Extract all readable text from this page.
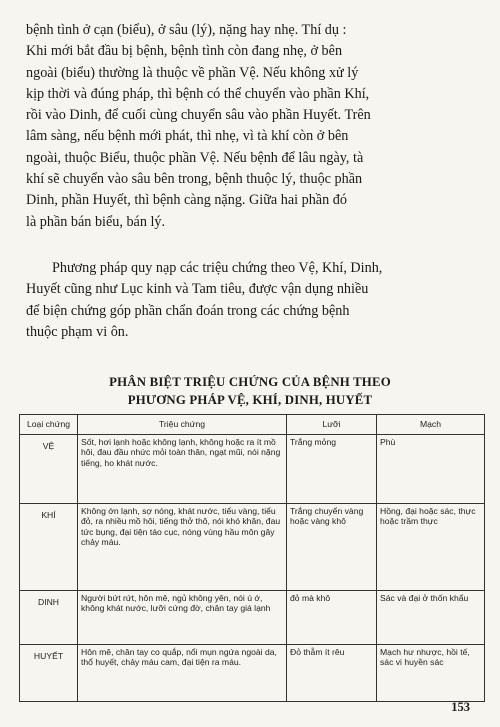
bệnh tình ở cạn (biểu), ở sâu (lý), nặng hay nhẹ. Thí dụ :
Khi mới bắt đầu bị bệnh, bệnh tình còn đang nhẹ, ở bên
ngoài (biểu) thường là thuộc về phần Vệ. Nếu không xử lý
kịp thời và đúng pháp, thì bệnh có thể chuyển vào phần Khí,
rồi vào Dinh, để cuối cùng chuyển sâu vào phần Huyết. Trên
lâm sàng, nếu bệnh mới phát, thì nhẹ, vì tà khí còn ở bên
ngoài, thuộc Biểu, thuộc phần Vệ. Nếu bệnh để lâu ngày, tà
khí sẽ chuyển vào sâu bên trong, bệnh thuộc lý, thuộc phần
Dinh, phần Huyết, thì bệnh càng nặng. Giữa hai phần đó
là phần bán biểu, bán lý.

Phương pháp quy nạp các triệu chứng theo Vệ, Khí, Dinh,
Huyết cũng như Lục kinh và Tam tiêu, được vận dụng nhiều
để biện chứng góp phần chẩn đoán trong các chứng bệnh
thuộc phạm vi ôn.

PHÂN BIỆT TRIỆU CHỨNG CỦA BỆNH THEO
PHƯƠNG PHÁP VỆ, KHÍ, DINH, HUYẾT
Loại chứng	Triệu chứng	Lưỡi	Mạch
VỆ	Sốt, hơi lạnh hoặc không lạnh, không hoặc ra ít mồ hôi, đau đầu nhức mỏi toàn thân, ngạt mũi, nói nặng tiếng, ho khát nước.	Trắng mỏng	Phù
KHÍ	Không ớn lạnh, sợ nóng, khát nước, tiểu vàng, tiểu đỏ, ra nhiều mồ hôi, tiếng thở thô, nói khó khăn, đau tức bụng, đại tiện táo cục, nóng vùng hầu môn gây chảy máu.	Trắng chuyển vàng hoặc vàng khô	Hồng, đại hoặc sác, thực hoặc trầm thực
DINH	Người bứt rứt, hôn mê, ngủ không yên, nói ú ớ, không khát nước, lưỡi cứng đờ, chân tay giá lạnh	đỏ mà khô	Sác và đại ở thốn khẩu
HUYẾT	Hôn mê, chân tay co quắp, nổi mụn ngứa ngoài da, thổ huyết, chảy máu cam, đại tiện ra máu.	Đỏ thẫm ít rêu	Mạch hư nhược, hồi tế, sác vi huyền sác
153
